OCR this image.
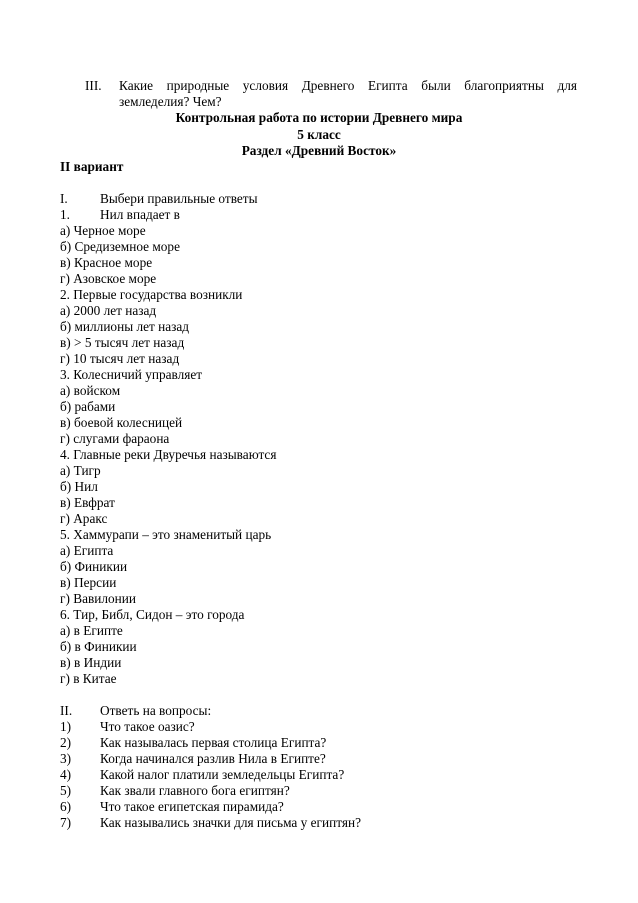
III. Какие природные условия Древнего Египта были благоприятны для
земледелия? Чем?
Контрольная работа по истории Древнего мира
5 класс
Раздел «Древний Восток»
II вариант
I. Выбери правильные ответы
1. Нил впадает в
а) Черное море
б) Средиземное море
в) Красное море
г) Азовское море
2. Первые государства возникли
а) 2000 лет назад
б) миллионы лет назад
в) > 5 тысяч лет назад
г) 10 тысяч лет назад
3. Колесничий управляет
а) войском
б) рабами
в) боевой колесницей
г) слугами фараона
4. Главные реки Двуречья называются
а) Тигр
б) Нил
в) Евфрат
г) Аракс
5. Хаммурапи – это знаменитый царь
а) Египта
б) Финикии
в) Персии
г) Вавилонии
6. Тир, Библ, Сидон – это города
а) в Египте
б) в Финикии
в) в Индии
г) в Китае
II. Ответь на вопросы:
1) Что такое оазис?
2) Как называлась первая столица Египта?
3) Когда начинался разлив Нила в Египте?
4) Какой налог платили земледельцы Египта?
5) Как звали главного бога египтян?
6) Что такое египетская пирамида?
7) Как назывались значки для письма у египтян?
